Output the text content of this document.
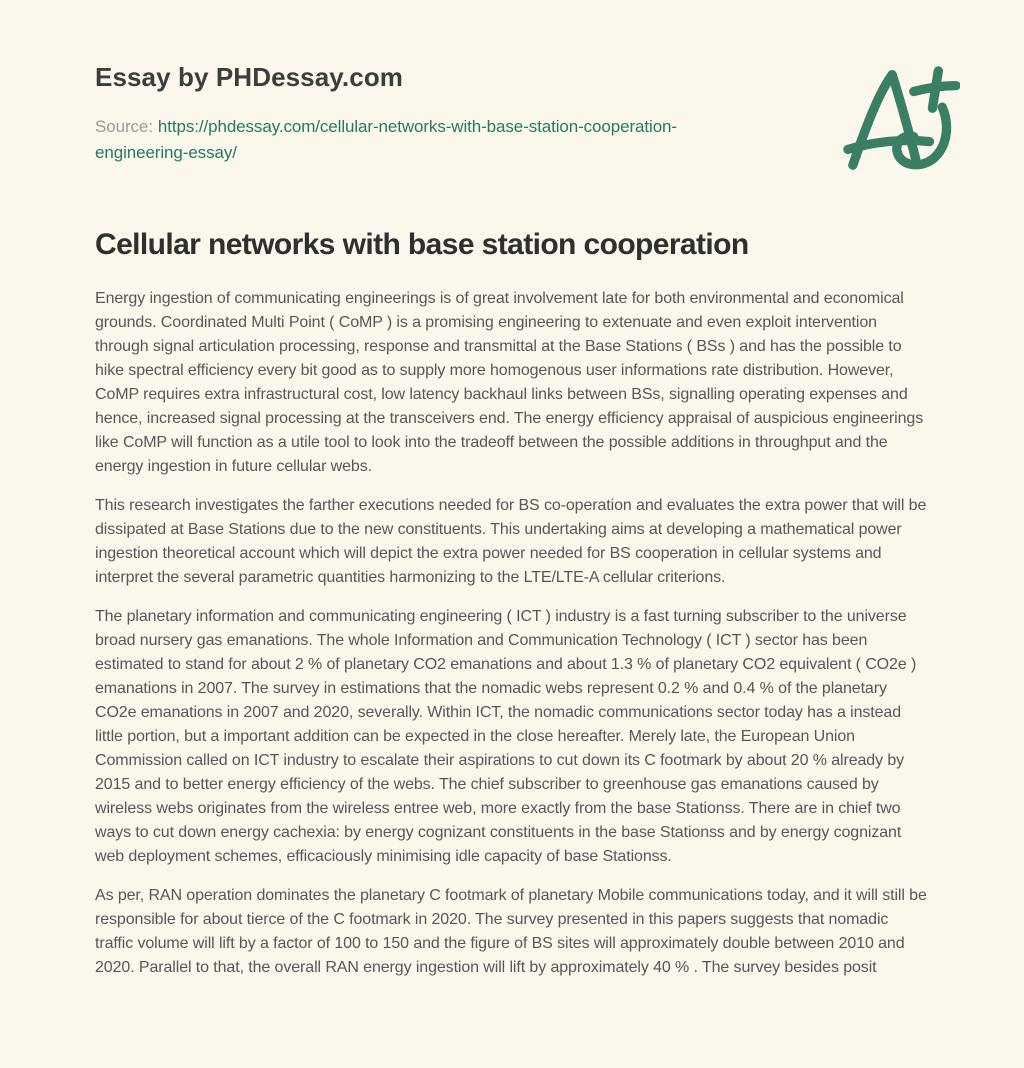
Essay by PHDessay.com

Source: https://phdessay.com/cellular-networks-with-base-station-cooperation-engineering-essay/

Cellular networks with base station cooperation

Energy ingestion of communicating engineerings is of great involvement late for both environmental and economical grounds. Coordinated Multi Point ( CoMP ) is a promising engineering to extenuate and even exploit intervention through signal articulation processing, response and transmittal at the Base Stations ( BSs ) and has the possible to hike spectral efficiency every bit good as to supply more homogenous user informations rate distribution. However, CoMP requires extra infrastructural cost, low latency backhaul links between BSs, signalling operating expenses and hence, increased signal processing at the transceivers end. The energy efficiency appraisal of auspicious engineerings like CoMP will function as a utile tool to look into the tradeoff between the possible additions in throughput and the energy ingestion in future cellular webs.

This research investigates the farther executions needed for BS co-operation and evaluates the extra power that will be dissipated at Base Stations due to the new constituents. This undertaking aims at developing a mathematical power ingestion theoretical account which will depict the extra power needed for BS cooperation in cellular systems and interpret the several parametric quantities harmonizing to the LTE/LTE-A cellular criterions.

The planetary information and communicating engineering ( ICT ) industry is a fast turning subscriber to the universe broad nursery gas emanations. The whole Information and Communication Technology ( ICT ) sector has been estimated to stand for about 2 % of planetary CO2 emanations and about 1.3 % of planetary CO2 equivalent ( CO2e ) emanations in 2007. The survey in estimations that the nomadic webs represent 0.2 % and 0.4 % of the planetary CO2e emanations in 2007 and 2020, severally. Within ICT, the nomadic communications sector today has a instead little portion, but a important addition can be expected in the close hereafter. Merely late, the European Union Commission called on ICT industry to escalate their aspirations to cut down its C footmark by about 20 % already by 2015 and to better energy efficiency of the webs. The chief subscriber to greenhouse gas emanations caused by wireless webs originates from the wireless entree web, more exactly from the base Stationss. There are in chief two ways to cut down energy cachexia: by energy cognizant constituents in the base Stationss and by energy cognizant web deployment schemes, efficaciously minimising idle capacity of base Stationss.

As per, RAN operation dominates the planetary C footmark of planetary Mobile communications today, and it will still be responsible for about tierce of the C footmark in 2020. The survey presented in this papers suggests that nomadic traffic volume will lift by a factor of 100 to 150 and the figure of BS sites will approximately double between 2010 and 2020. Parallel to that, the overall RAN energy ingestion will lift by approximately 40 % . The survey besides posit
